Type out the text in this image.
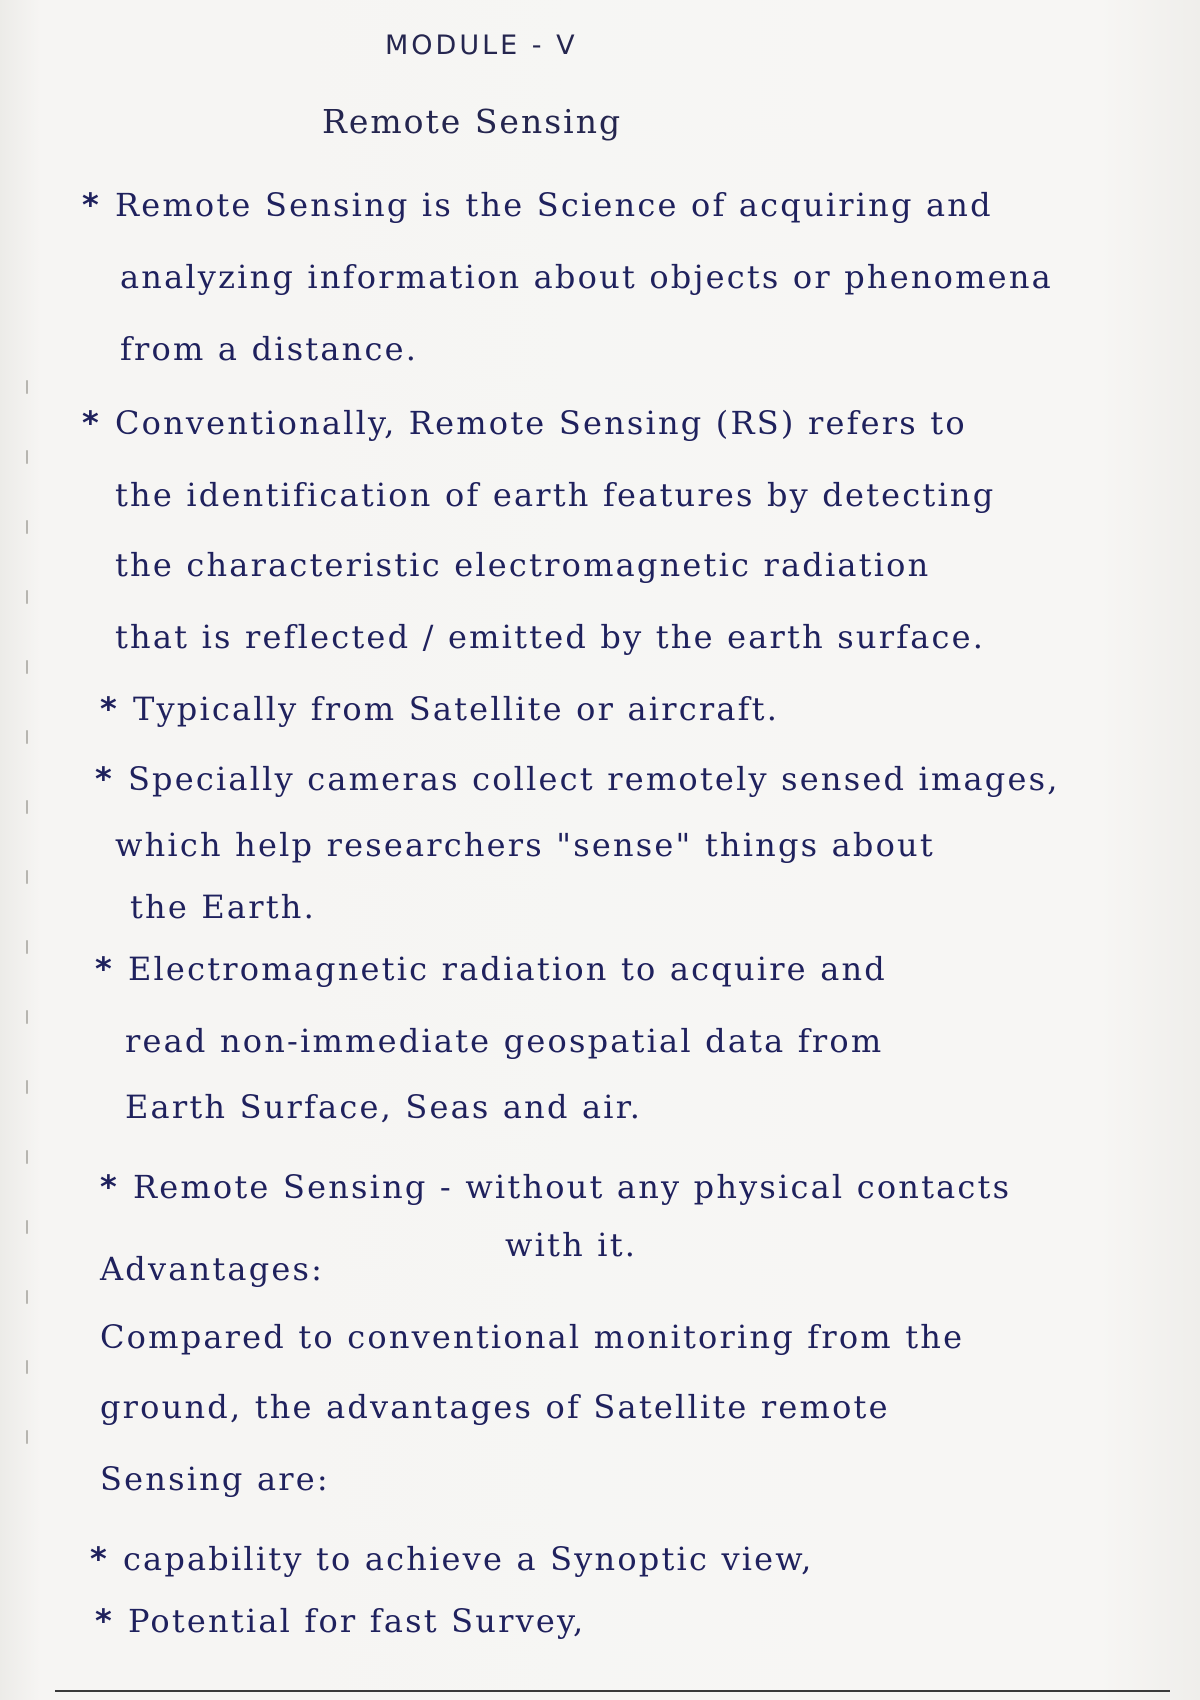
MODULE - V
Remote Sensing
* Remote Sensing is the Science of acquiring and
analyzing information about objects or phenomena
from a distance.
* Conventionally, Remote Sensing (RS) refers to
the identification of earth features by detecting
the characteristic electromagnetic radiation
that is reflected / emitted by the earth surface.
* Typically from Satellite or aircraft.
* Specially cameras collect remotely sensed images,
which help researchers "sense" things about
the Earth.
* Electromagnetic radiation to acquire and
read non-immediate geospatial data from
Earth Surface, Seas and air.
* Remote Sensing - without any physical contacts
with it.
Advantages:
Compared to conventional monitoring from the
ground, the advantages of Satellite remote
Sensing are:
* capability to achieve a Synoptic view,
* Potential for fast Survey,
